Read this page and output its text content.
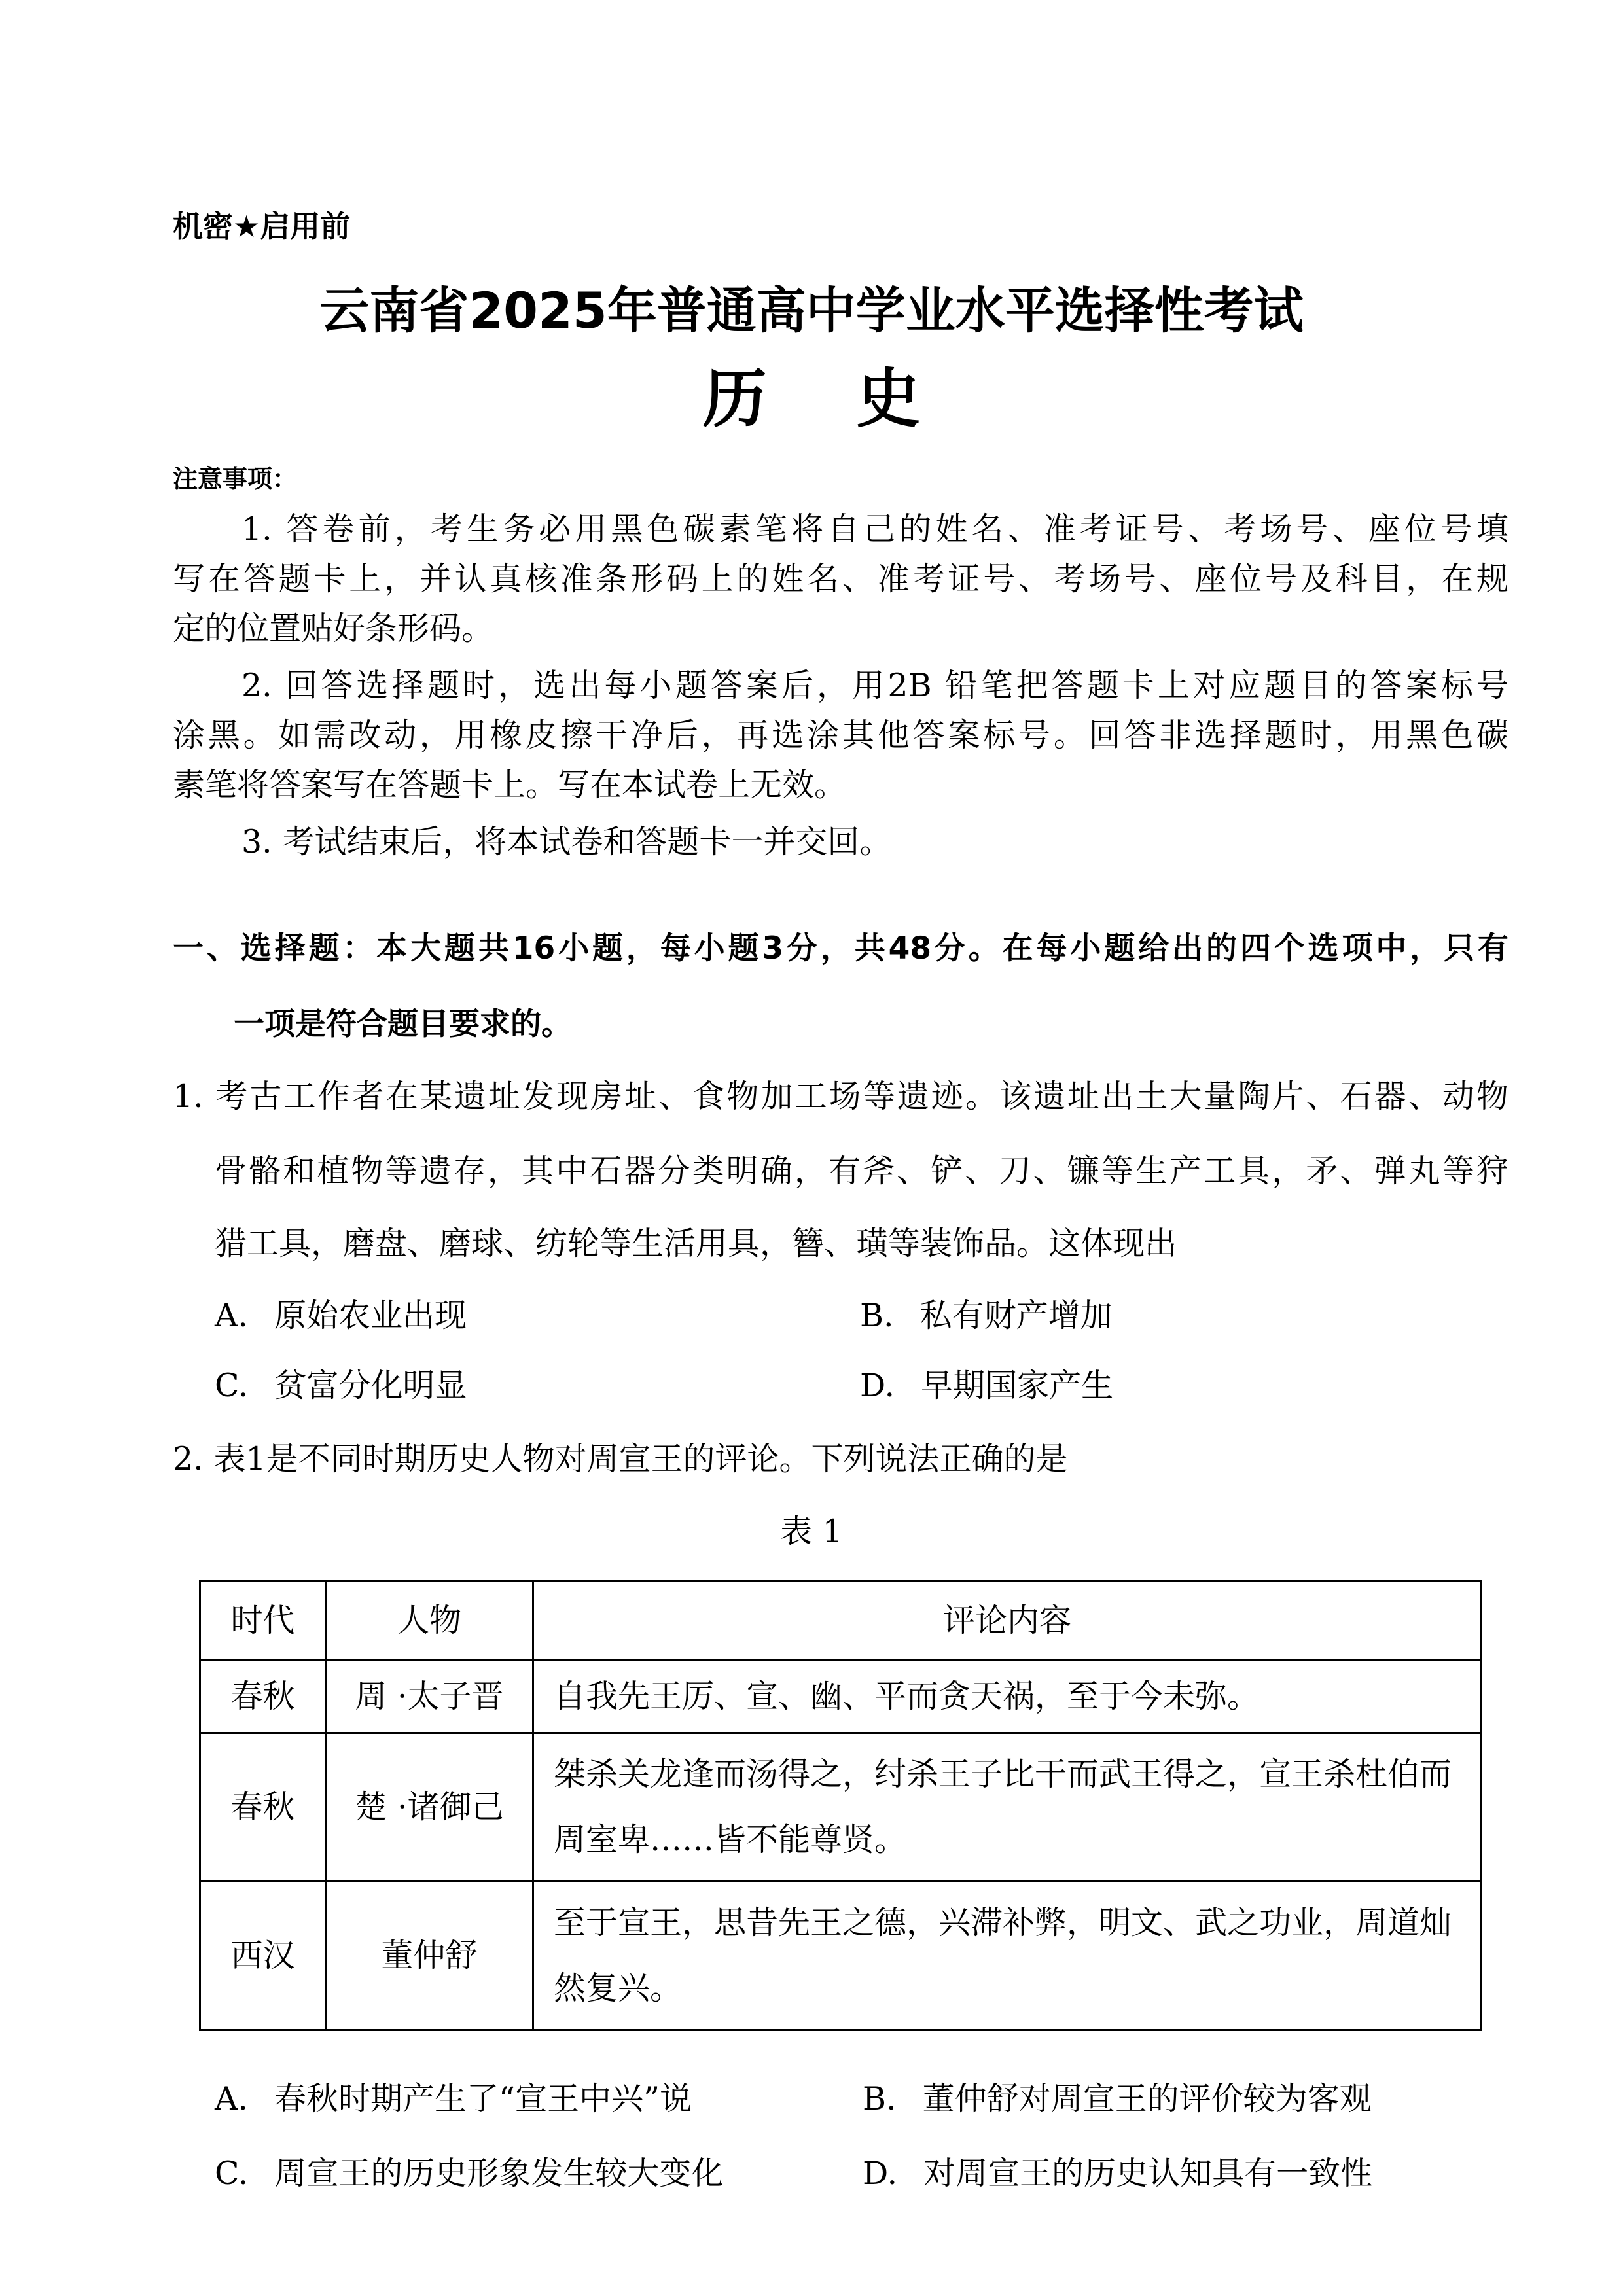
机密★启用前
云南省2025年普通高中学业水平选择性考试
历    史
注意事项：
1. 答卷前，考生务必用黑色碳素笔将自己的姓名、准考证号、考场号、座位号填
写在答题卡上，并认真核准条形码上的姓名、准考证号、考场号、座位号及科目，在规
定的位置贴好条形码。
2. 回答选择题时，选出每小题答案后，用2B 铅笔把答题卡上对应题目的答案标号
涂黑。如需改动，用橡皮擦干净后，再选涂其他答案标号。回答非选择题时，用黑色碳
素笔将答案写在答题卡上。写在本试卷上无效。
3. 考试结束后，将本试卷和答题卡一并交回。
一、选择题：本大题共16小题，每小题3分，共48分。在每小题给出的四个选项中，只有
一项是符合题目要求的。
1. 考古工作者在某遗址发现房址、食物加工场等遗迹。该遗址出土大量陶片、石器、动物
骨骼和植物等遗存，其中石器分类明确，有斧、铲、刀、镰等生产工具，矛、弹丸等狩
猎工具，磨盘、磨球、纺轮等生活用具，簪、璜等装饰品。这体现出
A. 原始农业出现	B. 私有财产增加
C. 贫富分化明显	D. 早期国家产生
2. 表1是不同时期历史人物对周宣王的评论。下列说法正确的是
表 1
时代	人物	评论内容
春秋	周 ·太子晋	自我先王厉、宣、幽、平而贪天祸，至于今未弥。
春秋	楚 ·诸御己	桀杀关龙逢而汤得之，纣杀王子比干而武王得之，宣王杀杜伯而周室卑……皆不能尊贤。
西汉	董仲舒	至于宣王，思昔先王之德，兴滞补弊，明文、武之功业，周道灿然复兴。
A. 春秋时期产生了“宣王中兴”说	B. 董仲舒对周宣王的评价较为客观
C. 周宣王的历史形象发生较大变化	D. 对周宣王的历史认知具有一致性
